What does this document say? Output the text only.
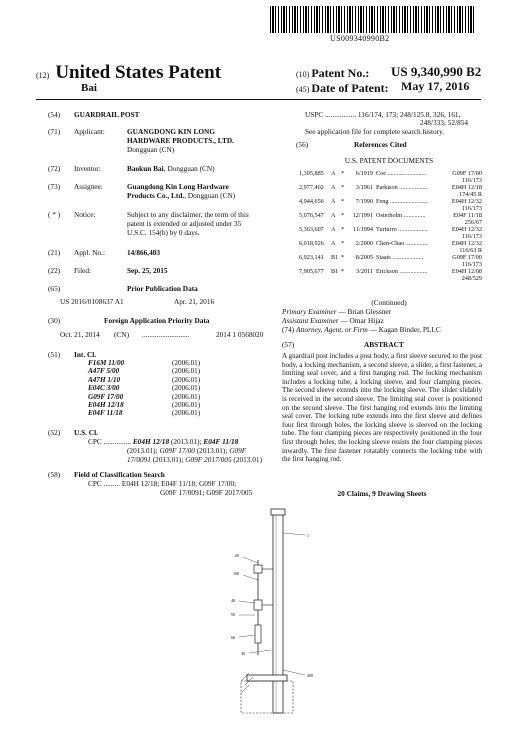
US009340990B2
(12) United States Patent
Bai
(10) Patent No.: US 9,340,990 B2
(45) Date of Patent: May 17, 2016
(54) GUARDRAIL POST
(71) Applicant:	GUANGDONG KIN LONG
HARDWARE PRODUCTS., LTD.
Dongguan (CN)
(72) Inventor:	Baokun Bai, Dongguan (CN)
(73) Assignee:	Guangdong Kin Long Hardware
Products Co., Ltd., Dongguan (CN)
( * ) Notice:	Subject to any disclaimer, the term of this
patent is extended or adjusted under 35
U.S.C. 154(b) by 0 days.
(21) Appl. No.:	14/866,403
(22) Filed:	Sep. 25, 2015
(65)	Prior Publication Data
US 2016/0108637 A1	Apr. 21, 2016
(30)	Foreign Application Priority Data
Oct. 21, 2014 (CN) ..........................	2014 1 0568020
(51) Int. Cl.
F16M 11/00	(2006.01)
A47F 5/00	(2006.01)
A47H 1/10	(2006.01)
E04C 3/00	(2006.01)
G09F 17/00	(2006.01)
E04H 12/18	(2006.01)
E04F 11/18	(2006.01)
(52) U.S. Cl.
CPC ............... E04H 12/18 (2013.01); E04F 11/18
(2013.01); G09F 17/00 (2013.01); G09F
17/0091 (2013.01); G09F 2017/005 (2013.01)
(58) Field of Classification Search
CPC ......... E04H 12/18; E04F 11/18; G09F 17/00;
G09F 17/0091; G09F 2017/005
USPC ................. 116/174, 173; 248/125.8, 326, 161,
248/333; 52/854
See application file for complete search history.
(56)	References Cited
U.S. PATENT DOCUMENTS
1,305,885	A	*	6/1919	Coe .........................	G09F 17/00
116/173

2,977,402	A	*	3/1961	Parkison ..................	E04H 12/18
174/45 R

4,944,656	A	*	7/1990	Feng ........................	E04H 12/32
116/173

5,076,547	A	*	12/1991	Osterholm ..............	E04F 11/18
256/67

5,363,607	A	*	11/1994	Turturro ...................	E04H 12/32
116/173

6,018,926	A	*	2/2000	Chen-Chao ..............	E04H 12/32
116/63 R

6,923,141	B1	*	8/2005	Staats ....................	G09F 17/00
116/173

7,905,677	B1	*	3/2011	Erickson ..................	E04H 12/08
248/529
(Continued)
Primary Examiner — Brian Glessner
Assistant Examiner — Omar Hijaz
(74) Attorney, Agent, or Firm — Kagan Binder, PLLC
(57)	ABSTRACT
A guardrail post includes a post body, a first sleeve secured to the post body, a locking mechanism, a second sleeve, a slider, a first fastener, a limiting seal cover, and a first hanging rod. The locking mechanism includes a locking tube, a locking sleeve, and four clamping pieces. The second sleeve extends into the locking sleeve. The slider slidably is received in the second sleeve. The limiting seal cover is positioned on the second sleeve. The first hanging rod extends into the limiting seal cover. The locking tube extends into the first sleeve and defines four first through holes, the locking sleeve is sleeved on the locking tube. The four clamping pieces are respectively positioned in the four first through holes, the locking sleeve resists the four clamping pieces inwardly. The first fastener rotatably connects the locking tube with the first hanging rod.
20 Claims, 9 Drawing Sheets
1
20
100
40
50
60
30
200
